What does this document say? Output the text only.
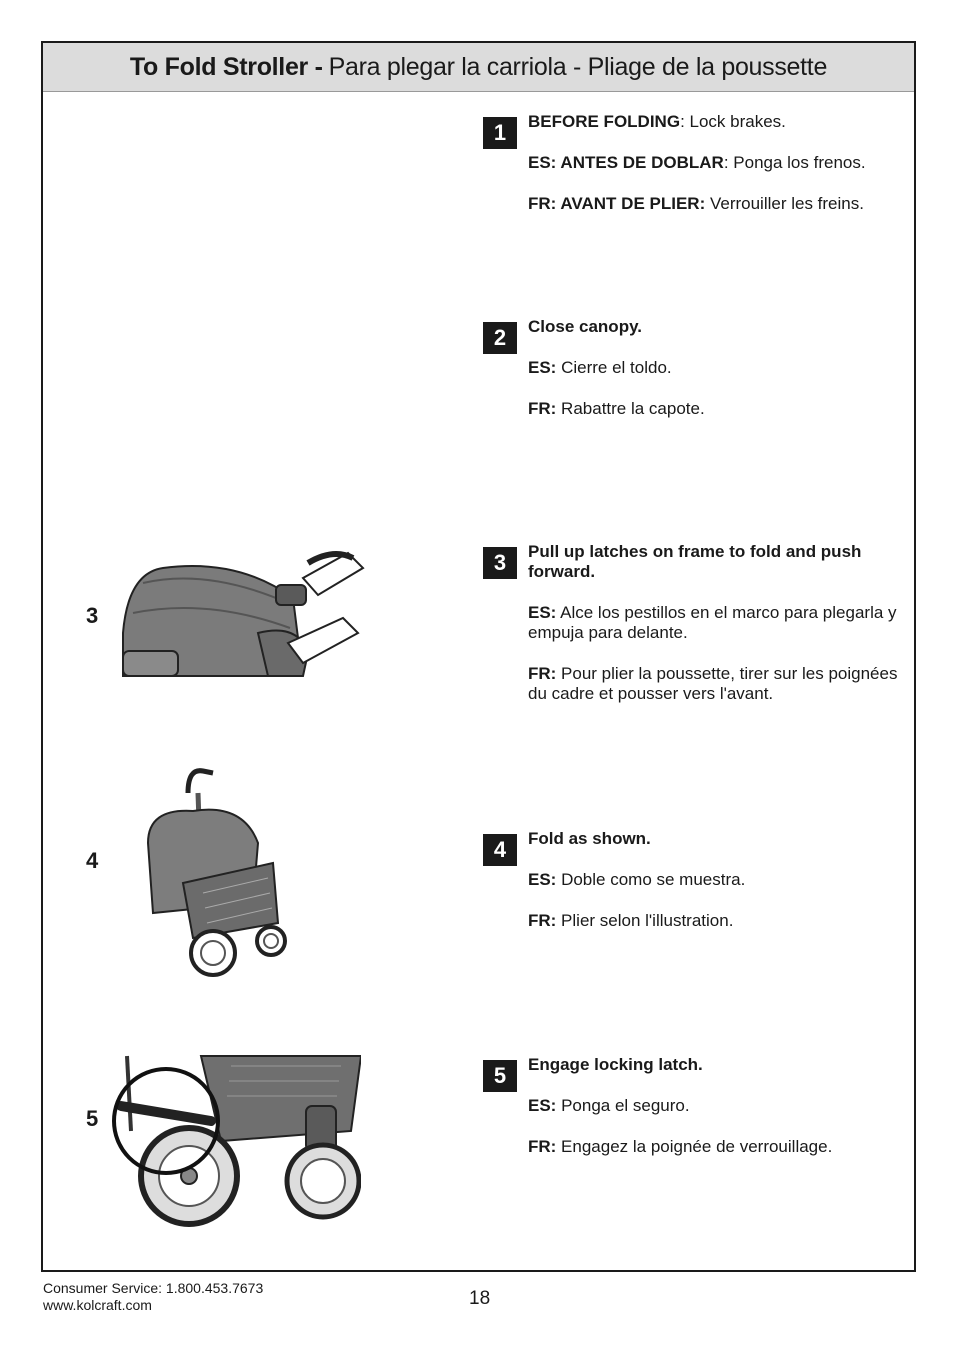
To Fold Stroller - Para plegar la carriola - Pliage de la poussette
1	BEFORE FOLDING: Lock brakes.

ES: ANTES DE DOBLAR: Ponga los frenos.

FR: AVANT DE PLIER: Verrouiller les freins.

2	Close canopy.

ES: Cierre el toldo.

FR: Rabattre la capote.

3	Pull up latches on frame to fold and push forward.

ES: Alce los pestillos en el marco para plegarla y empuja para delante.

FR: Pour plier la poussette, tirer sur les poignées du cadre et pousser vers l'avant.

4	Fold as shown.

ES: Doble como se muestra.

FR: Plier selon l'illustration.

5	Engage locking latch.

ES: Ponga el seguro.

FR: Engagez la poignée de verrouillage.

3
4
5
Consumer Service: 1.800.453.7673
www.kolcraft.com	18
